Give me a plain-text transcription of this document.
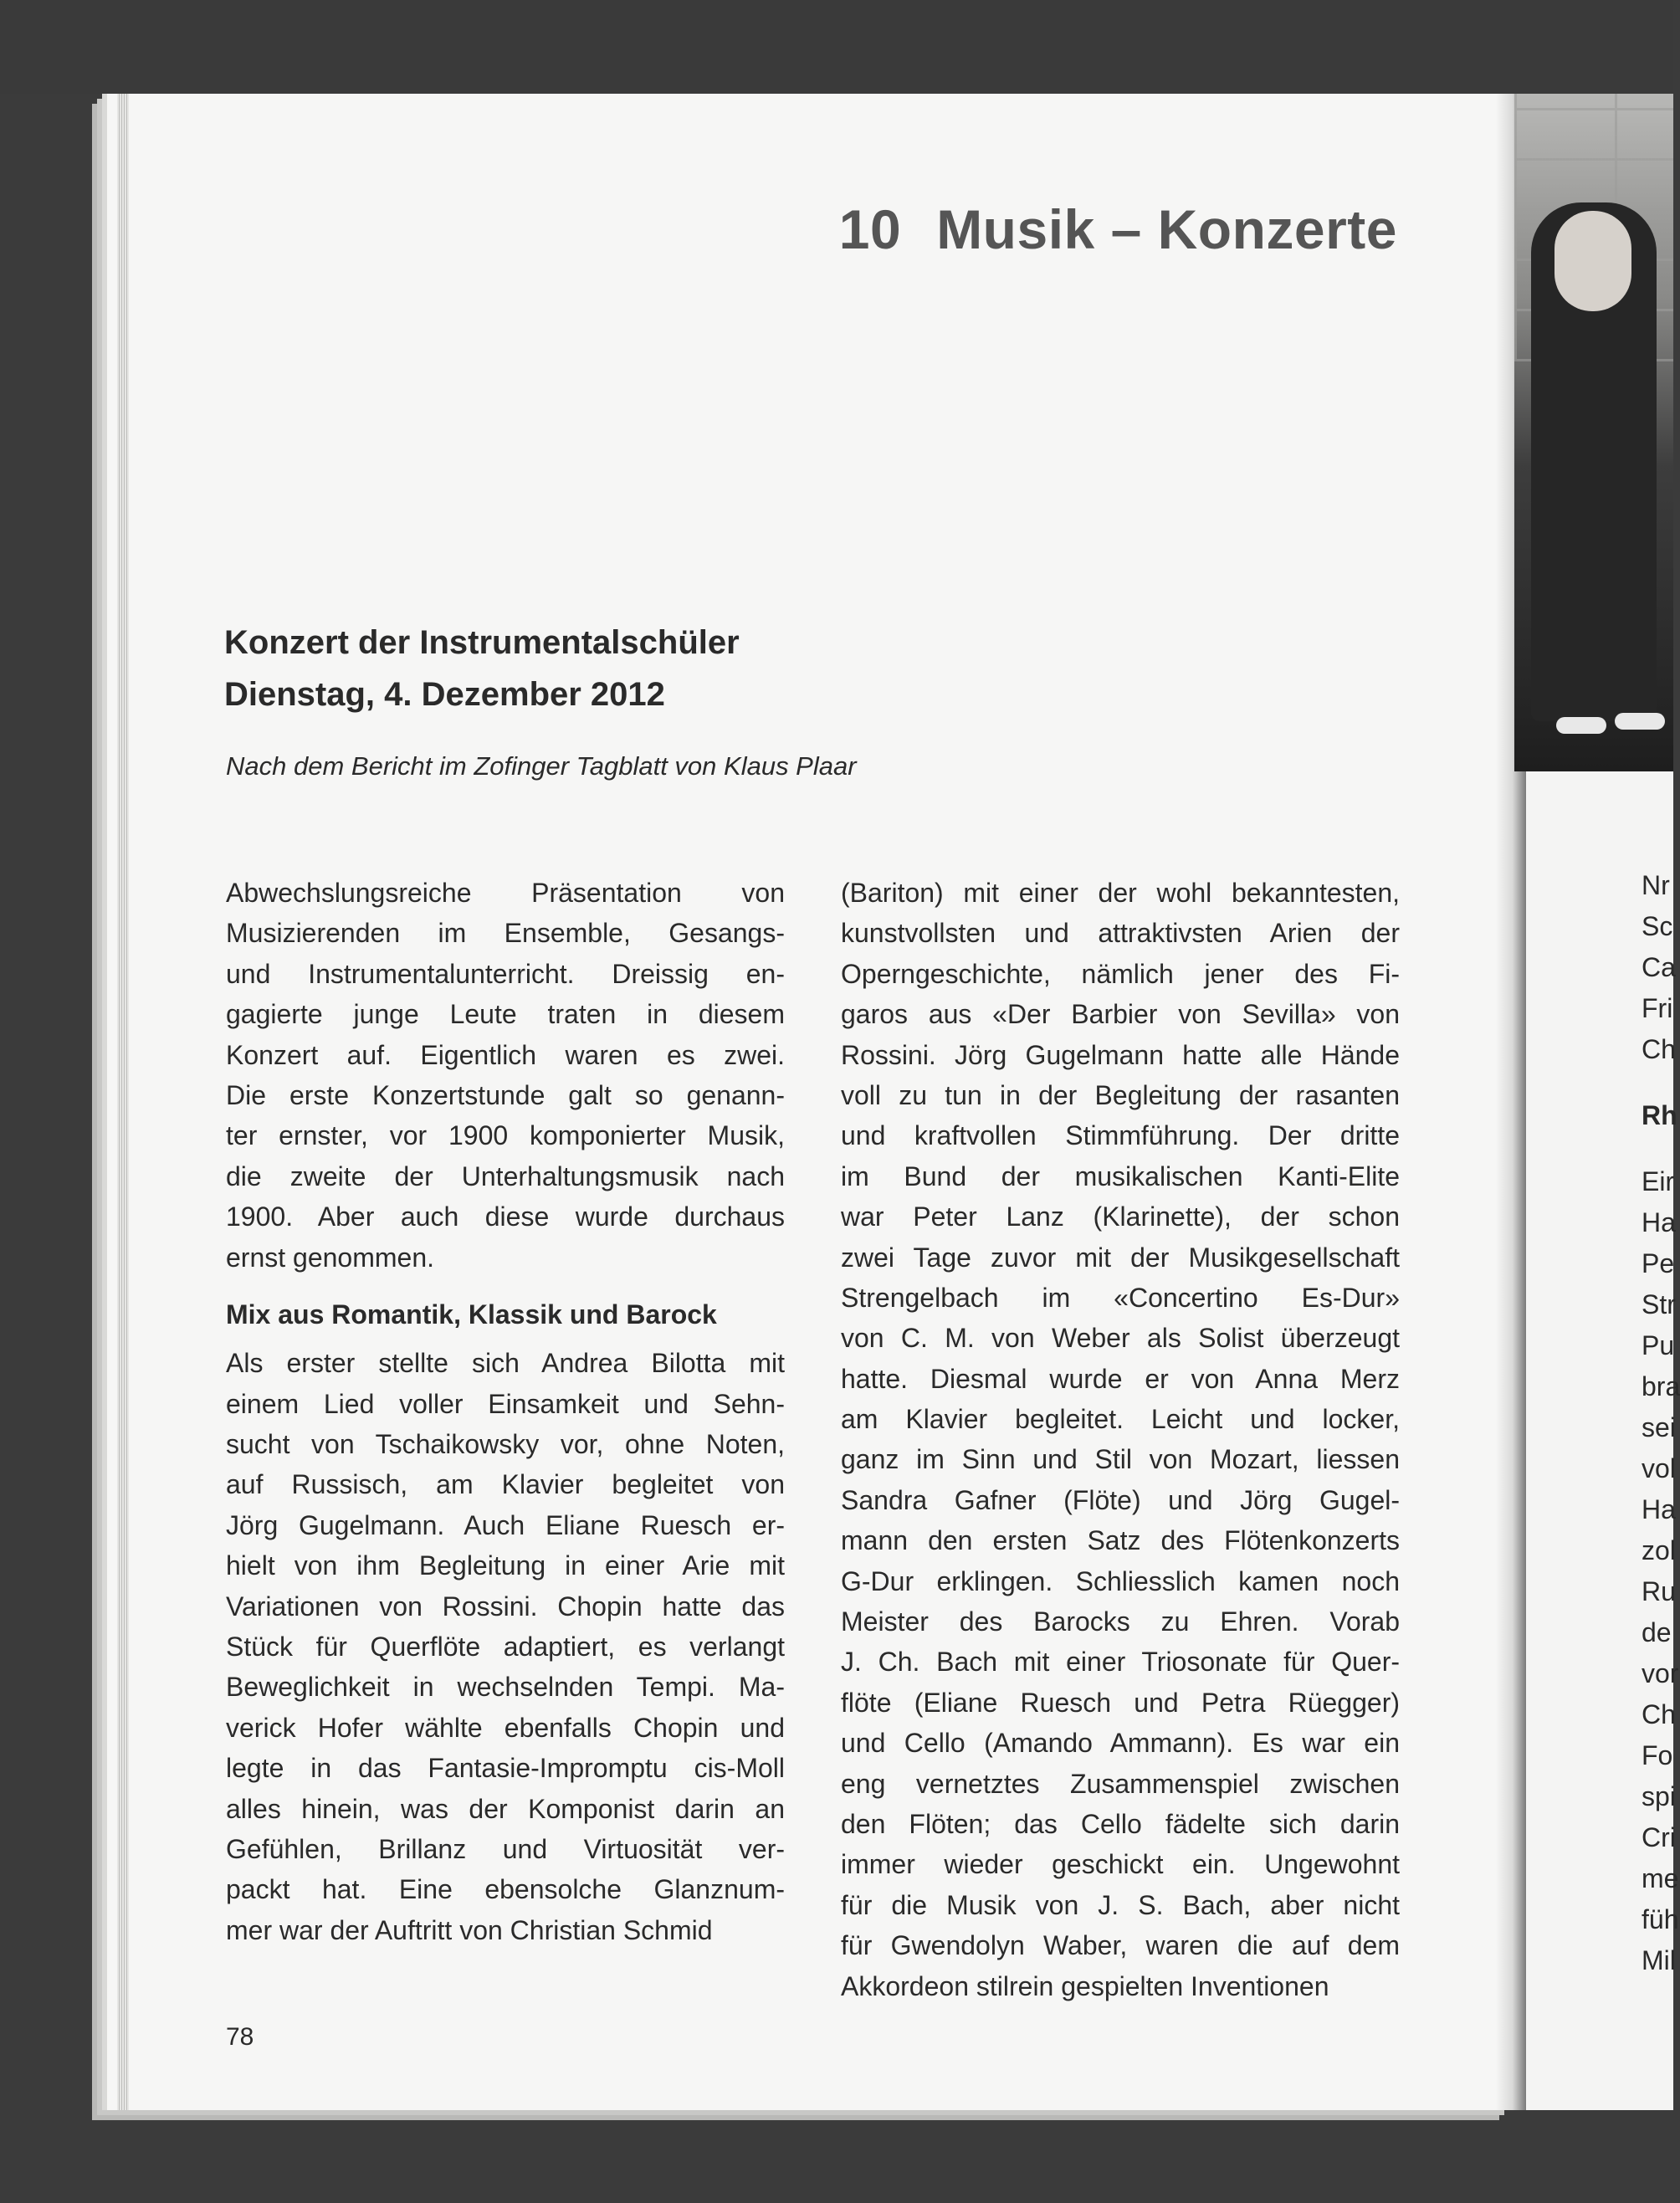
10 Musik – Konzerte
Konzert der Instrumentalschüler
Dienstag, 4. Dezember 2012
Nach dem Bericht im Zofinger Tagblatt von Klaus Plaar
Abwechslungsreiche Präsentation von
Musizierenden im Ensemble, Gesangs-
und Instrumentalunterricht. Dreissig en-
gagierte junge Leute traten in diesem
Konzert auf. Eigentlich waren es zwei.
Die erste Konzertstunde galt so genann-
ter ernster, vor 1900 komponierter Musik,
die zweite der Unterhaltungsmusik nach
1900. Aber auch diese wurde durchaus
ernst genommen.
Mix aus Romantik, Klassik und Barock
Als erster stellte sich Andrea Bilotta mit
einem Lied voller Einsamkeit und Sehn-
sucht von Tschaikowsky vor, ohne Noten,
auf Russisch, am Klavier begleitet von
Jörg Gugelmann. Auch Eliane Ruesch er-
hielt von ihm Begleitung in einer Arie mit
Variationen von Rossini. Chopin hatte das
Stück für Querflöte adaptiert, es verlangt
Beweglichkeit in wechselnden Tempi. Ma-
verick Hofer wählte ebenfalls Chopin und
legte in das Fantasie-Impromptu cis-Moll
alles hinein, was der Komponist darin an
Gefühlen, Brillanz und Virtuosität ver-
packt hat. Eine ebensolche Glanznum-
mer war der Auftritt von Christian Schmid
(Bariton) mit einer der wohl bekanntesten,
kunstvollsten und attraktivsten Arien der
Operngeschichte, nämlich jener des Fi-
garos aus «Der Barbier von Sevilla» von
Rossini. Jörg Gugelmann hatte alle Hände
voll zu tun in der Begleitung der rasanten
und kraftvollen Stimmführung. Der dritte
im Bund der musikalischen Kanti-Elite
war Peter Lanz (Klarinette), der schon
zwei Tage zuvor mit der Musikgesellschaft
Strengelbach im «Concertino Es-Dur»
von C. M. von Weber als Solist überzeugt
hatte. Diesmal wurde er von Anna Merz
am Klavier begleitet. Leicht und locker,
ganz im Sinn und Stil von Mozart, liessen
Sandra Gafner (Flöte) und Jörg Gugel-
mann den ersten Satz des Flötenkonzerts
G-Dur erklingen. Schliesslich kamen noch
Meister des Barocks zu Ehren. Vorab
J. Ch. Bach mit einer Triosonate für Quer-
flöte (Eliane Ruesch und Petra Rüegger)
und Cello (Amando Ammann). Es war ein
eng vernetztes Zusammenspiel zwischen
den Flöten; das Cello fädelte sich darin
immer wieder geschickt ein. Ungewohnt
für die Musik von J. S. Bach, aber nicht
für Gwendolyn Waber, waren die auf dem
Akkordeon stilrein gespielten Inventionen
78
Nr
Sc
Ca
Fri
Ch
Rh
Eir
Ha
Pe
Str
Pu
bra
sei
vol
Ha
zol
Ru
de
vor
Ch
Fo
spi
Cri
me
füh
Mil
